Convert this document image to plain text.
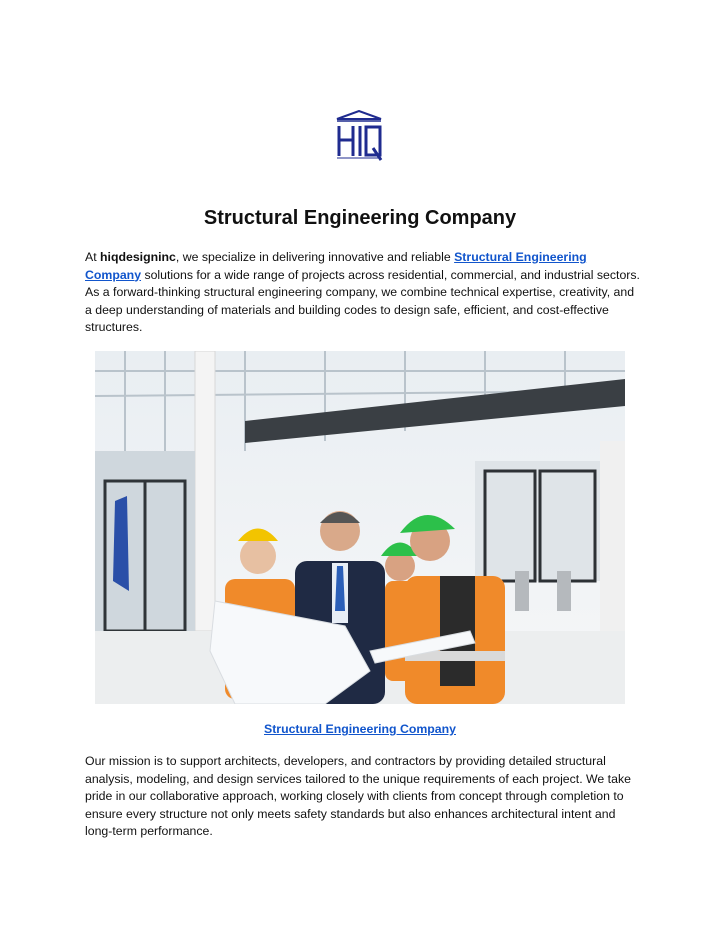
Structural Engineering Company

At hiqdesigninc, we specialize in delivering innovative and reliable Structural Engineering Company solutions for a wide range of projects across residential, commercial, and industrial sectors. As a forward-thinking structural engineering company, we combine technical expertise, creativity, and a deep understanding of materials and building codes to design safe, efficient, and cost-effective structures.

Structural Engineering Company

Our mission is to support architects, developers, and contractors by providing detailed structural analysis, modeling, and design services tailored to the unique requirements of each project. We take pride in our collaborative approach, working closely with clients from concept through completion to ensure every structure not only meets safety standards but also enhances architectural intent and long-term performance.
